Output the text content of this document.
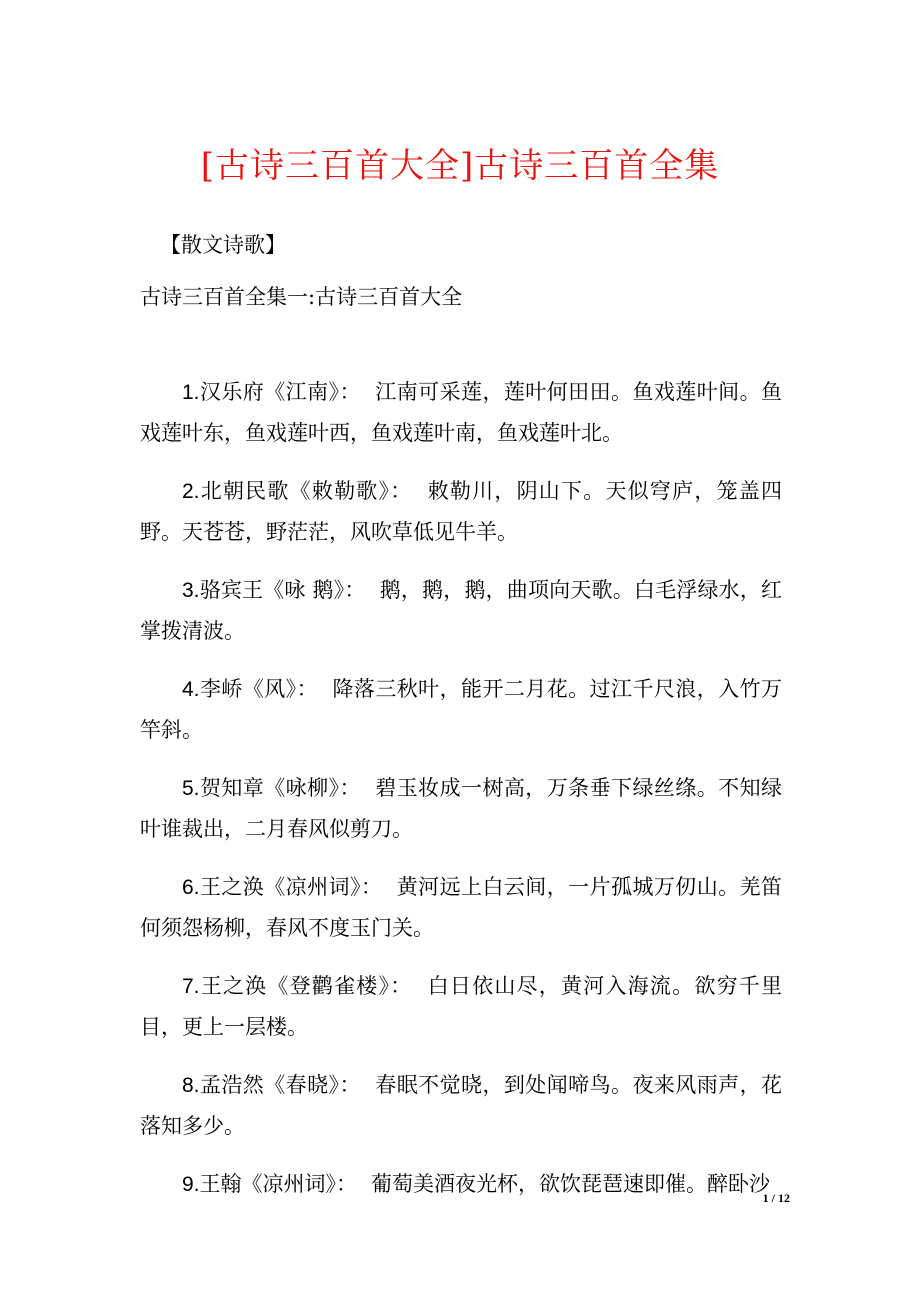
[古诗三百首大全]古诗三百首全集
【散文诗歌】
古诗三百首全集一:古诗三百首大全

1.汉乐府《江南》： 江南可采莲，莲叶何田田。鱼戏莲叶间。鱼戏莲叶东，鱼戏莲叶西，鱼戏莲叶南，鱼戏莲叶北。

2.北朝民歌《敕勒歌》： 敕勒川，阴山下。天似穹庐，笼盖四野。天苍苍，野茫茫，风吹草低见牛羊。

3.骆宾王《咏 鹅》： 鹅，鹅，鹅，曲项向天歌。白毛浮绿水，红掌拨清波。

4.李峤《风》： 降落三秋叶，能开二月花。过江千尺浪，入竹万竿斜。

5.贺知章《咏柳》： 碧玉妆成一树高，万条垂下绿丝绦。不知绿叶谁裁出，二月春风似剪刀。

6.王之涣《凉州词》： 黄河远上白云间，一片孤城万仞山。羌笛何须怨杨柳，春风不度玉门关。

7.王之涣《登鹳雀楼》： 白日依山尽，黄河入海流。欲穷千里目，更上一层楼。

8.孟浩然《春晓》： 春眠不觉晓，到处闻啼鸟。夜来风雨声，花落知多少。

9.王翰《凉州词》： 葡萄美酒夜光杯，欲饮琵琶速即催。醉卧沙

1 / 12
